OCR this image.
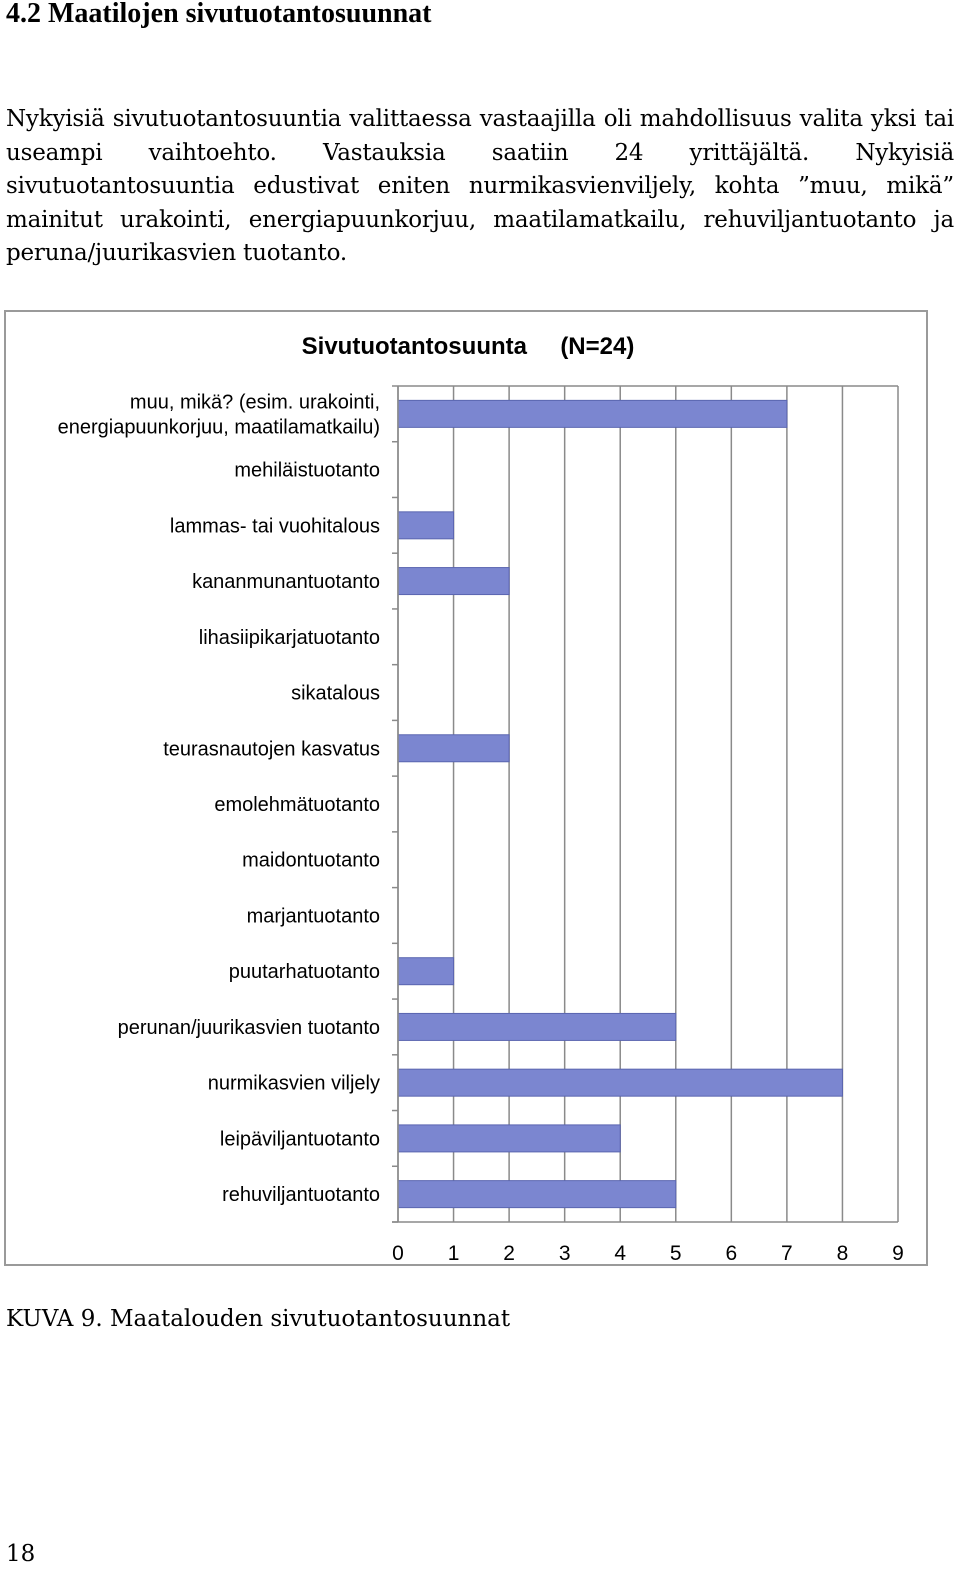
4.2 Maatilojen sivutuotantosuunnat

Nykyisiä sivutuotantosuuntia valittaessa vastaajilla oli mahdollisuus valita yksi tai useampi vaihtoehto. Vastauksia saatiin 24 yrittäjältä. Nykyisiä sivutuotantosuuntia edustivat eniten nurmikasvienviljely, kohta ”muu, mikä” mainitut urakointi, energiapuunkorjuu, maatilamatkailu, rehuviljantuotanto ja peruna/juurikasvien tuotanto.

muu, mikä? (esim. urakointi,
energiapuunkorjuu, maatilamatkailu)
mehiläistuotanto
lammas- tai vuohitalous
kananmunantuotanto
lihasiipikarjatuotanto
sikatalous
teurasnautojen kasvatus
emolehmätuotanto
maidontuotanto
marjantuotanto
puutarhatuotanto
perunan/juurikasvien tuotanto
nurmikasvien viljely
leipäviljantuotanto
rehuviljantuotanto
0 1 2 3 4 5 6 7 8 9
Sivutuotantosuunta     (N=24)

KUVA 9. Maatalouden sivutuotantosuunnat

18
